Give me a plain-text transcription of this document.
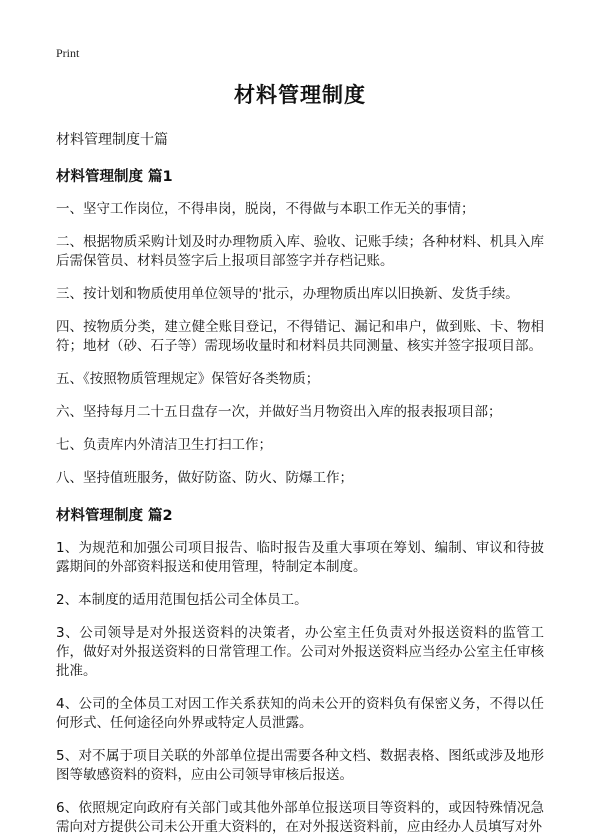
Print
材料管理制度
材料管理制度十篇
材料管理制度 篇1

一、坚守工作岗位，不得串岗，脱岗，不得做与本职工作无关的事情；

二、根据物质采购计划及时办理物质入库、验收、记账手续；各种材料、机具入库后需保管员、材料员签字后上报项目部签字并存档记账。

三、按计划和物质使用单位领导的'批示，办理物质出库以旧换新、发货手续。

四、按物质分类，建立健全账目登记，不得错记、漏记和串户，做到账、卡、物相符；地材（砂、石子等）需现场收量时和材料员共同测量、核实并签字报项目部。

五、《按照物质管理规定》保管好各类物质；

六、坚持每月二十五日盘存一次，并做好当月物资出入库的报表报项目部；

七、负责库内外清洁卫生打扫工作；

八、坚持值班服务，做好防盗、防火、防爆工作；

材料管理制度 篇2

1、为规范和加强公司项目报告、临时报告及重大事项在筹划、编制、审议和待披露期间的外部资料报送和使用管理，特制定本制度。

2、本制度的适用范围包括公司全体员工。

3、公司领导是对外报送资料的决策者，办公室主任负责对外报送资料的监管工作，做好对外报送资料的日常管理工作。公司对外报送资料应当经办公室主任审核批准。

4、公司的全体员工对因工作关系获知的尚未公开的资料负有保密义务，不得以任何形式、任何途径向外界或特定人员泄露。

5、对不属于项目关联的外部单位提出需要各种文档、数据表格、图纸或涉及地形图等敏感资料的资料，应由公司领导审核后报送。

6、依照规定向政府有关部门或其他外部单位报送项目等资料的，或因特殊情况急需向对方提供公司未公开重大资料的，在对外报送资料前，应由经办人员填写对外
